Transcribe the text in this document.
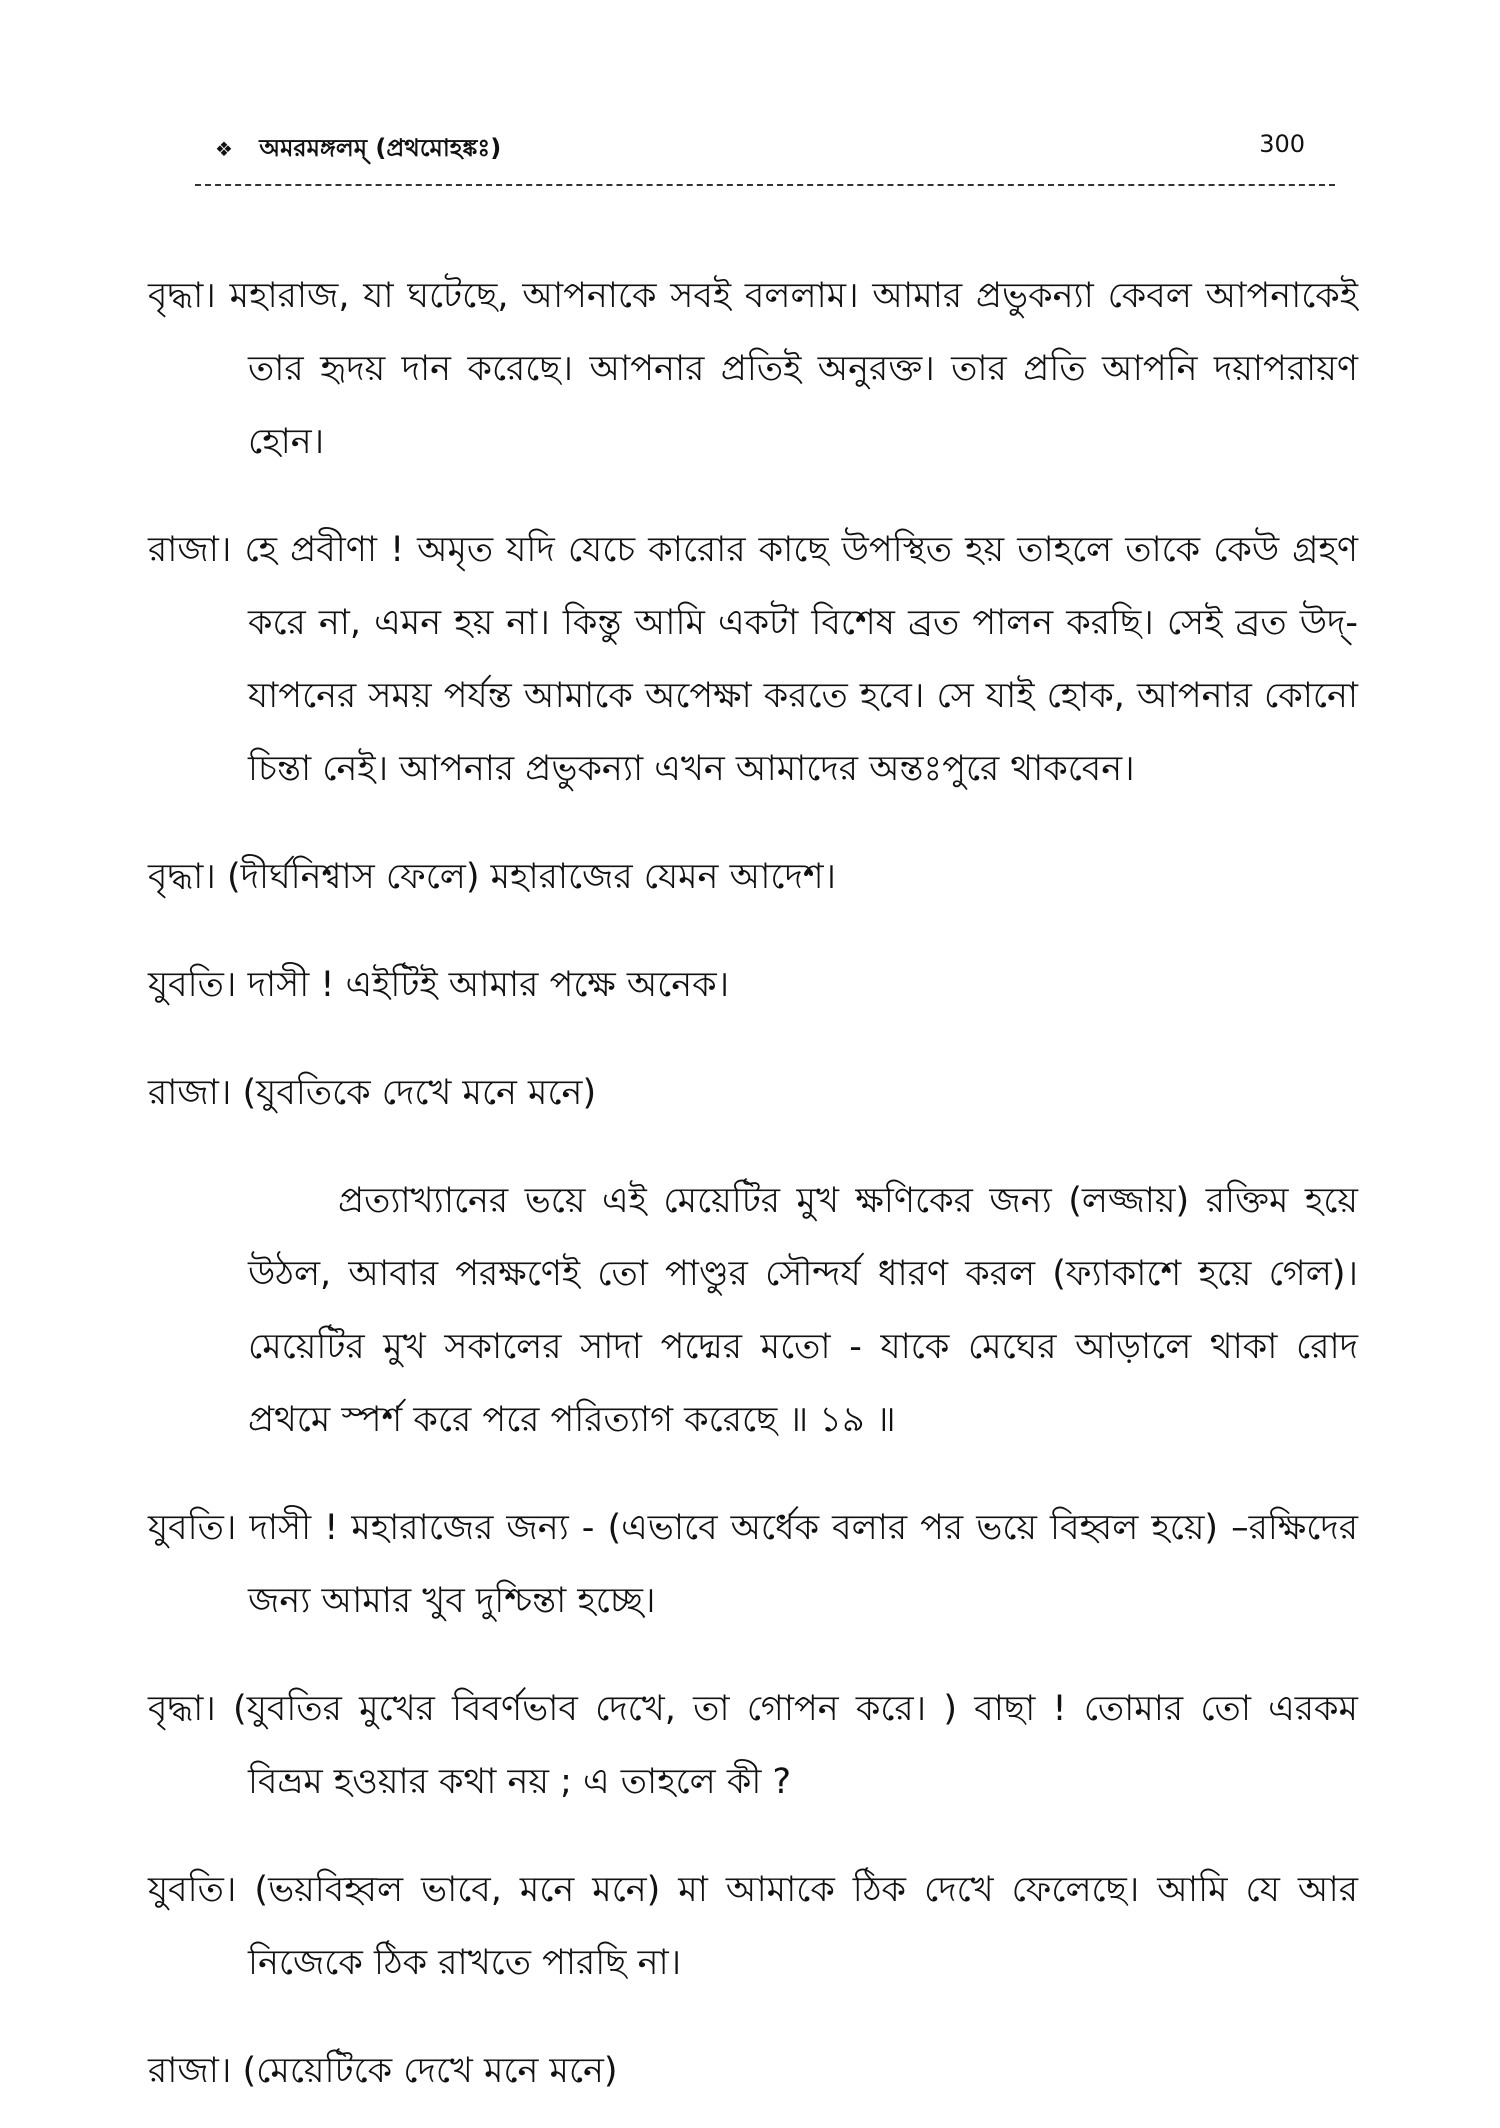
❖ অমরমঙ্গলম্ (প্রথমোহঙ্কঃ)	300

বৃদ্ধা। মহারাজ, যা ঘটেছে, আপনাকে সবই বললাম। আমার প্রভুকন্যা কেবল আপনাকেই তার হৃদয় দান করেছে। আপনার প্রতিই অনুরক্ত। তার প্রতি আপনি দয়াপরায়ণ হোন।

রাজা। হে প্রবীণা ! অমৃত যদি যেচে কারোর কাছে উপস্থিত হয় তাহলে তাকে কেউ গ্রহণ করে না, এমন হয় না। কিন্তু আমি একটা বিশেষ ব্রত পালন করছি। সেই ব্রত উদ্-যাপনের সময় পর্যন্ত আমাকে অপেক্ষা করতে হবে। সে যাই হোক, আপনার কোনো চিন্তা নেই। আপনার প্রভুকন্যা এখন আমাদের অন্তঃপুরে থাকবেন।

বৃদ্ধা। (দীর্ঘনিশ্বাস ফেলে) মহারাজের যেমন আদেশ।

যুবতি। দাসী ! এইটিই আমার পক্ষে অনেক।

রাজা। (যুবতিকে দেখে মনে মনে)

প্রত্যাখ্যানের ভয়ে এই মেয়েটির মুখ ক্ষণিকের জন্য (লজ্জায়) রক্তিম হয়ে উঠল, আবার পরক্ষণেই তো পাণ্ডুর সৌন্দর্য ধারণ করল (ফ্যাকাশে হয়ে গেল)। মেয়েটির মুখ সকালের সাদা পদ্মের মতো - যাকে মেঘের আড়ালে থাকা রোদ প্রথমে স্পর্শ করে পরে পরিত্যাগ করেছে ॥ ১৯ ॥

যুবতি। দাসী ! মহারাজের জন্য - (এভাবে অর্ধেক বলার পর ভয়ে বিহ্বল হয়ে) –রক্ষিদের জন্য আমার খুব দুশ্চিন্তা হচ্ছে।

বৃদ্ধা। (যুবতির মুখের বিবর্ণভাব দেখে, তা গোপন করে। ) বাছা ! তোমার তো এরকম বিভ্রম হওয়ার কথা নয় ; এ তাহলে কী ?

যুবতি। (ভয়বিহ্বল ভাবে, মনে মনে) মা আমাকে ঠিক দেখে ফেলেছে। আমি যে আর নিজেকে ঠিক রাখতে পারছি না।

রাজা। (মেয়েটিকে দেখে মনে মনে)
